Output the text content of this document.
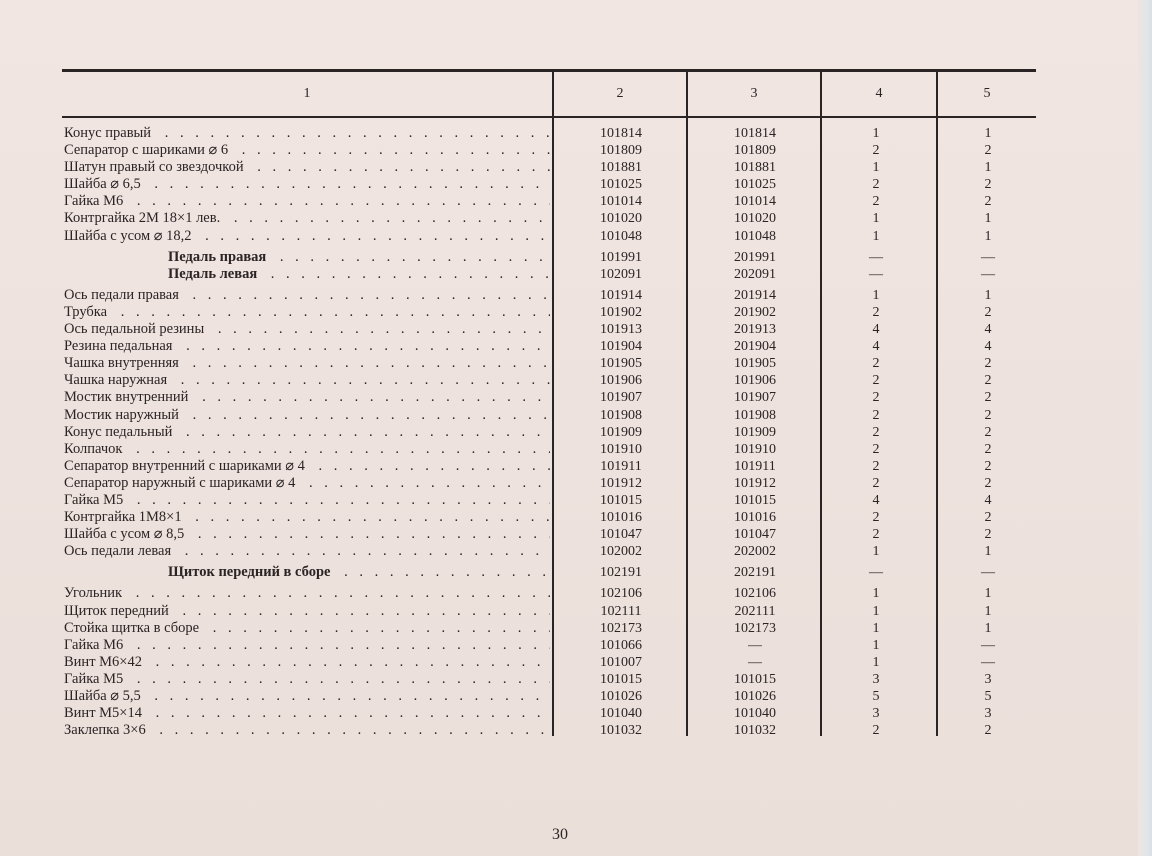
1	2	3	4	5
Конус правый . .	101814	101814	1	1
Сепаратор с шариками ⌀ 6 . .	101809	101809	2	2
Шатун правый со звездочкой . .	101881	101881	1	1
Шайба ⌀ 6,5 . .	101025	101025	2	2
Гайка М6 . .	101014	101014	2	2
Контргайка 2М 18×1 лев. . .	101020	101020	1	1
Шайба с усом ⌀ 18,2 . .	101048	101048	1	1
Педаль правая . .	101991	201991	—	—
Педаль левая . .	102091	202091	—	—
Ось педали правая . .	101914	201914	1	1
Трубка . .	101902	201902	2	2
Ось педальной резины . .	101913	201913	4	4
Резина педальная . .	101904	201904	4	4
Чашка внутренняя . .	101905	101905	2	2
Чашка наружная . .	101906	101906	2	2
Мостик внутренний . .	101907	101907	2	2
Мостик наружный . .	101908	101908	2	2
Конус педальный . .	101909	101909	2	2
Колпачок . .	101910	101910	2	2
Сепаратор внутренний с шариками ⌀ 4 . .	101911	101911	2	2
Сепаратор наружный с шариками ⌀ 4 . .	101912	101912	2	2
Гайка М5 . .	101015	101015	4	4
Контргайка 1М8×1 . .	101016	101016	2	2
Шайба с усом ⌀ 8,5 . .	101047	101047	2	2
Ось педали левая . .	102002	202002	1	1
Щиток передний в сборе . .	102191	202191	—	—
Угольник . .	102106	102106	1	1
Щиток передний . .	102111	202111	1	1
Стойка щитка в сборе . .	102173	102173	1	1
Гайка М6 . .	101066	—	1	—
Винт М6×42 . .	101007	—	1	—
Гайка М5 . .	101015	101015	3	3
Шайба ⌀ 5,5 . .	101026	101026	5	5
Винт М5×14 . .	101040	101040	3	3
Заклепка 3×6 . .	101032	101032	2	2
30
